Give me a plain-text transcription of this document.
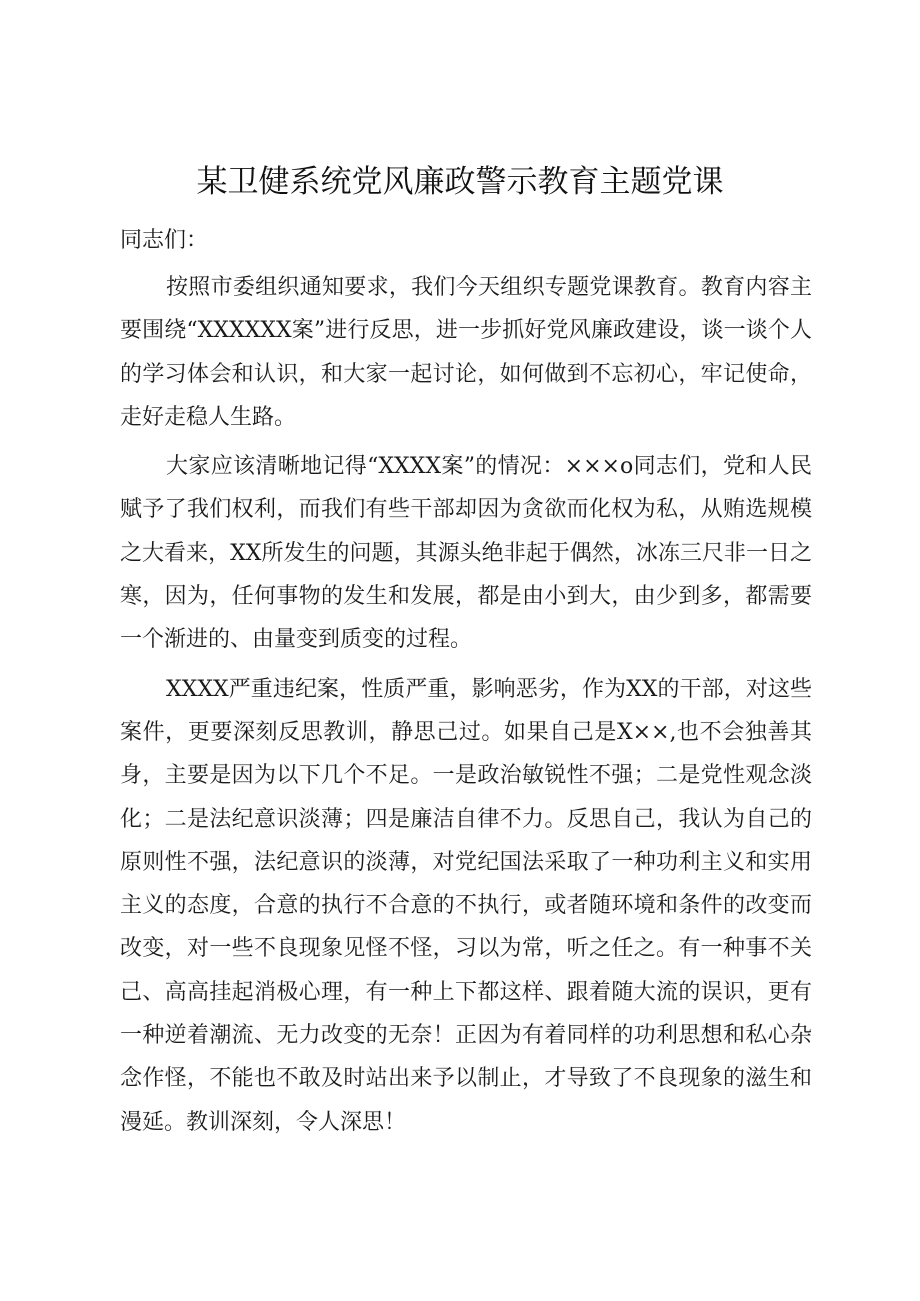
某卫健系统党风廉政警示教育主题党课

同志们：

按照市委组织通知要求，我们今天组织专题党课教育。教育内容主要围绕“XXXXXX案”进行反思，进一步抓好党风廉政建设，谈一谈个人的学习体会和认识，和大家一起讨论，如何做到不忘初心，牢记使命，走好走稳人生路。

大家应该清晰地记得“XXXX案”的情况：×××o同志们，党和人民赋予了我们权利，而我们有些干部却因为贪欲而化权为私，从贿选规模之大看来，XX所发生的问题，其源头绝非起于偶然，冰冻三尺非一日之寒，因为，任何事物的发生和发展，都是由小到大，由少到多，都需要一个渐进的、由量变到质变的过程。

XXXX严重违纪案，性质严重，影响恶劣，作为XX的干部，对这些案件，更要深刻反思教训，静思己过。如果自己是X××,也不会独善其身，主要是因为以下几个不足。一是政治敏锐性不强；二是党性观念淡化；二是法纪意识淡薄；四是廉洁自律不力。反思自己，我认为自己的原则性不强，法纪意识的淡薄，对党纪国法采取了一种功利主义和实用主义的态度，合意的执行不合意的不执行，或者随环境和条件的改变而改变，对一些不良现象见怪不怪，习以为常，听之任之。有一种事不关己、高高挂起消极心理，有一种上下都这样、跟着随大流的误识，更有一种逆着潮流、无力改变的无奈！正因为有着同样的功利思想和私心杂念作怪，不能也不敢及时站出来予以制止，才导致了不良现象的滋生和漫延。教训深刻，令人深思！
